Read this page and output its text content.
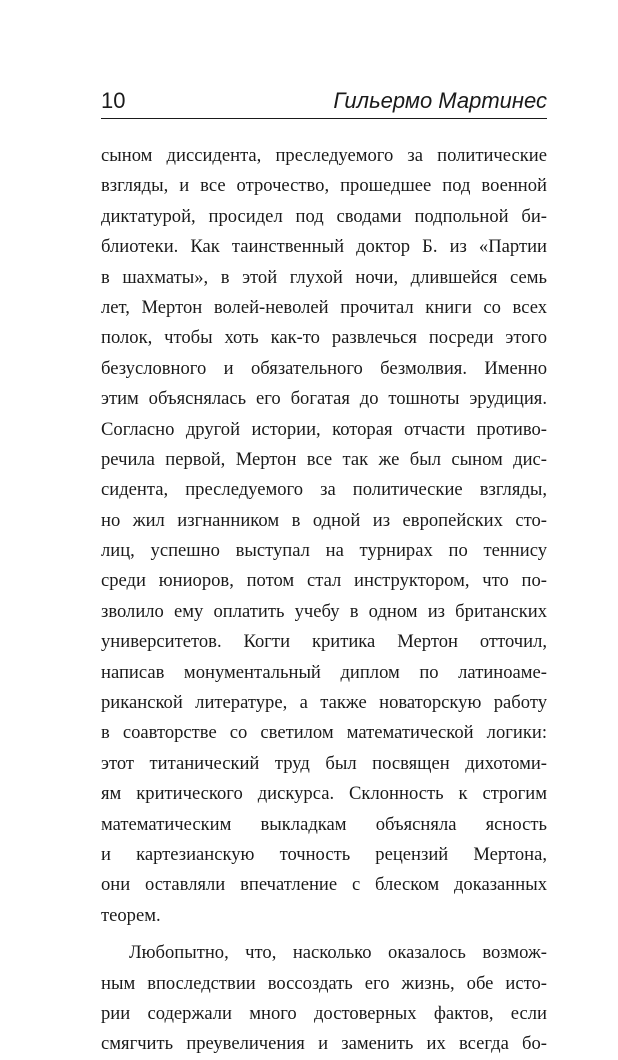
10	Гильермо Мартинес
сыном диссидента, преследуемого за политические
взгляды, и все отрочество, прошедшее под военной
диктатурой, просидел под сводами подпольной би-
блиотеки. Как таинственный доктор Б. из «Партии
в шахматы», в этой глухой ночи, длившейся семь
лет, Мертон волей-неволей прочитал книги со всех
полок, чтобы хоть как-то развлечься посреди этого
безусловного и обязательного безмолвия. Именно
этим объяснялась его богатая до тошноты эрудиция.
Согласно другой истории, которая отчасти противо-
речила первой, Мертон все так же был сыном дис-
сидента, преследуемого за политические взгляды,
но жил изгнанником в одной из европейских сто-
лиц, успешно выступал на турнирах по теннису
среди юниоров, потом стал инструктором, что по-
зволило ему оплатить учебу в одном из британских
университетов. Когти критика Мертон отточил,
написав монументальный диплом по латиноаме-
риканской литературе, а также новаторскую работу
в соавторстве со светилом математической логики:
этот титанический труд был посвящен дихотоми-
ям критического дискурса. Склонность к строгим
математическим выкладкам объясняла ясность
и картезианскую точность рецензий Мертона,
они оставляли впечатление с блеском доказанных
теорем.
Любопытно, что, насколько оказалось возмож-
ным впоследствии воссоздать его жизнь, обе исто-
рии содержали много достоверных фактов, если
смягчить преувеличения и заменить их всегда бо-
